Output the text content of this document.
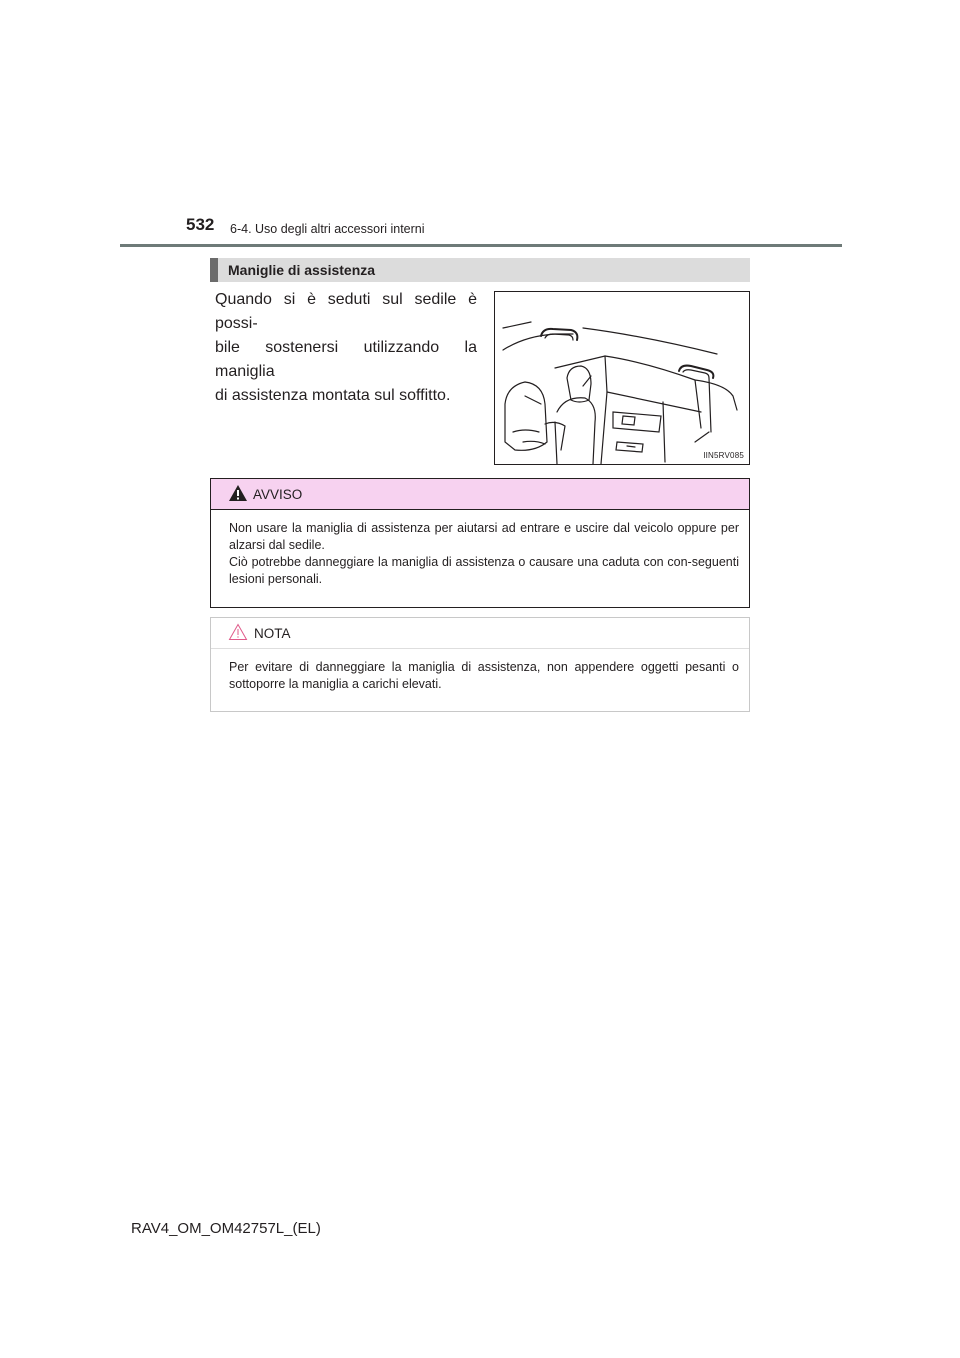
532 6-4. Uso degli altri accessori interni
Maniglie di assistenza

Quando si è seduti sul sedile è possi-

bile sostenersi utilizzando la maniglia

di assistenza montata sul soffitto.

IIN5RV085
AVVISO

Non usare la maniglia di assistenza per aiutarsi ad entrare e uscire dal veicolo oppure per alzarsi dal sedile.
Ciò potrebbe danneggiare la maniglia di assistenza o causare una caduta con con-seguenti lesioni personali.

NOTA

Per evitare di danneggiare la maniglia di assistenza, non appendere oggetti pesanti o sottoporre la maniglia a carichi elevati.

RAV4_OM_OM42757L_(EL)
